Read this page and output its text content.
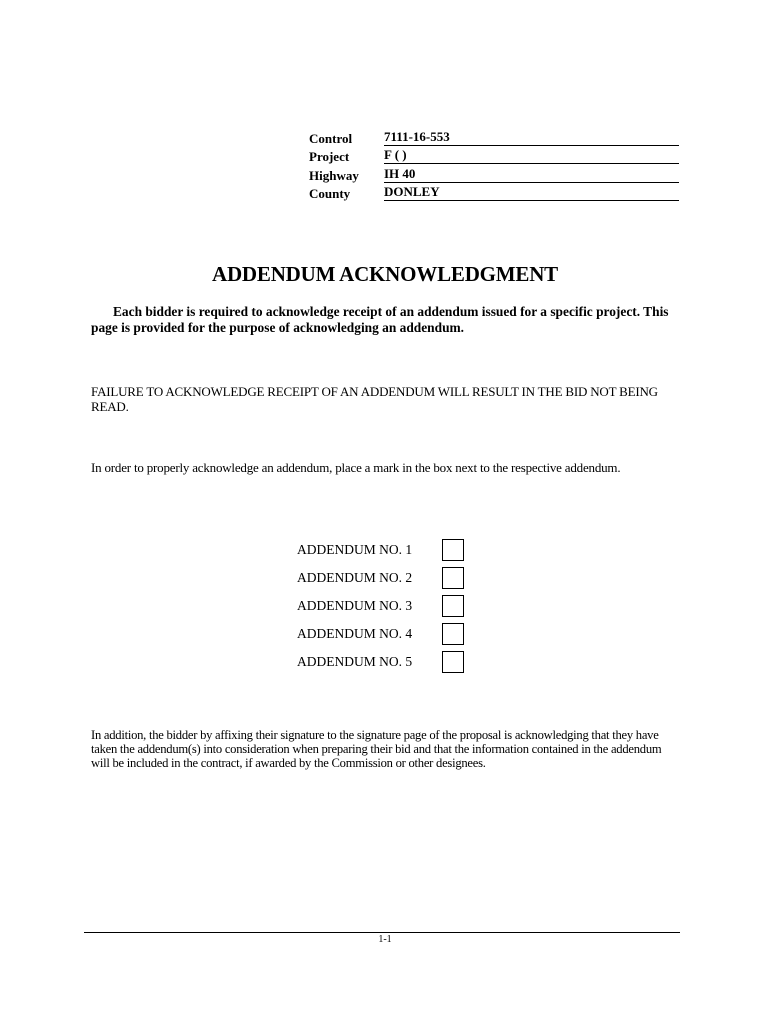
Control	7111-16-553
Project	F ( )
Highway	IH 40
County	DONLEY
ADDENDUM ACKNOWLEDGMENT
Each bidder is required to acknowledge receipt of an addendum issued for a specific project. This page is provided for the purpose of acknowledging an addendum.
FAILURE TO ACKNOWLEDGE RECEIPT OF AN ADDENDUM WILL RESULT IN THE BID NOT BEING READ.
In order to properly acknowledge an addendum, place a mark in the box next to the respective addendum.
ADDENDUM NO. 1
ADDENDUM NO. 2
ADDENDUM NO. 3
ADDENDUM NO. 4
ADDENDUM NO. 5
In addition, the bidder by affixing their signature to the signature page of the proposal is acknowledging that they have taken the addendum(s) into consideration when preparing their bid and that the information contained in the addendum will be included in the contract, if awarded by the Commission or other designees.
1-1
